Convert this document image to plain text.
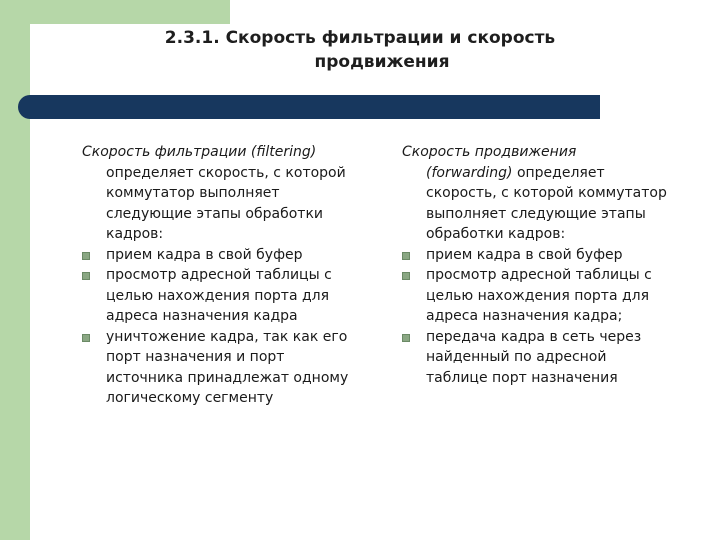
2.3.1. Скорость фильтрации и скорость
продвижения

Скорость фильтрации (filtering)
определяет скорость, с которой
коммутатор выполняет
следующие этапы обработки
кадров:

прием кадра в свой буфер
просмотр адресной таблицы с
целью нахождения порта для
адреса назначения кадра
уничтожение кадра, так как его
порт назначения и порт
источника принадлежат одному
логическому сегменту

Скорость продвижения
(forwarding) определяет
скорость, с которой коммутатор
выполняет следующие этапы
обработки кадров:

прием кадра в свой буфер
просмотр адресной таблицы с
целью нахождения порта для
адреса назначения кадра;
передача кадра в сеть через
найденный по адресной
таблице порт назначения
